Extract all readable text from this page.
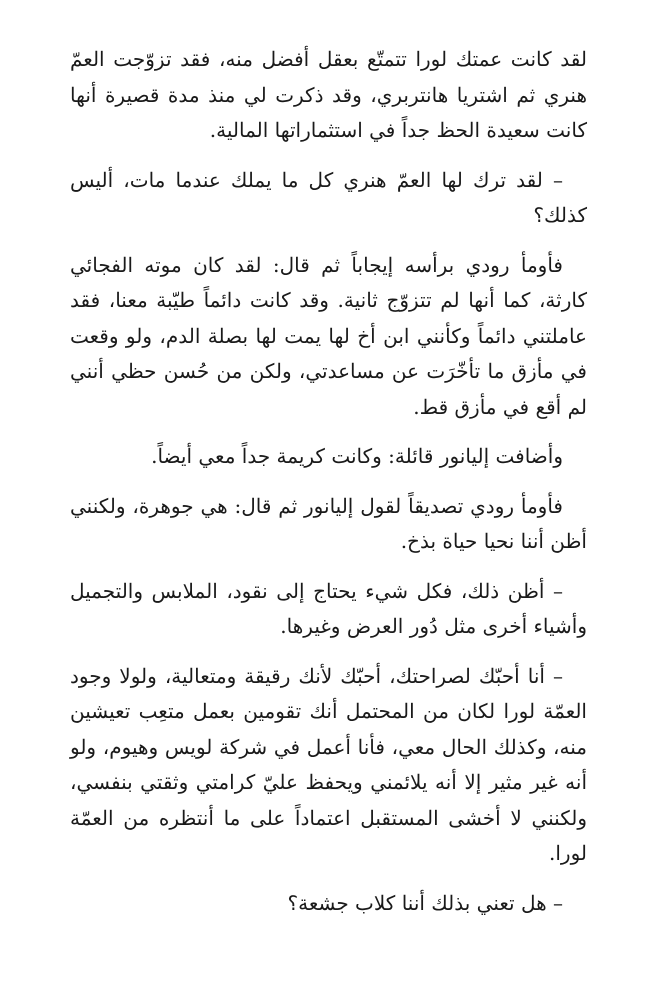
لقد كانت عمتك لورا تتمتّع بعقل أفضل منه، فقد تزوّجت العمّ هنري ثم اشتريا هانتربري، وقد ذكرت لي منذ مدة قصيرة أنها كانت سعيدة الحظ جداً في استثماراتها المالية.

– لقد ترك لها العمّ هنري كل ما يملك عندما مات، أليس كذلك؟

فأومأ رودي برأسه إيجاباً ثم قال: لقد كان موته الفجائي كارثة، كما أنها لم تتزوّج ثانية. وقد كانت دائماً طيّبة معنا، فقد عاملتني دائماً وكأنني ابن أخ لها يمت لها بصلة الدم، ولو وقعت في مأزق ما تأخّرَت عن مساعدتي، ولكن من حُسن حظي أنني لم أقع في مأزق قط.

وأضافت إليانور قائلة: وكانت كريمة جداً معي أيضاً.

فأومأ رودي تصديقاً لقول إليانور ثم قال: هي جوهرة، ولكنني أظن أننا نحيا حياة بذخ.

– أظن ذلك، فكل شيء يحتاج إلى نقود، الملابس والتجميل وأشياء أخرى مثل دُور العرض وغيرها.

– أنا أحبّك لصراحتك، أحبّك لأنك رقيقة ومتعالية، ولولا وجود العمّة لورا لكان من المحتمل أنك تقومين بعمل متعِب تعيشين منه، وكذلك الحال معي، فأنا أعمل في شركة لويس وهيوم، ولو أنه غير مثير إلا أنه يلائمني ويحفظ عليّ كرامتي وثقتي بنفسي، ولكنني لا أخشى المستقبل اعتماداً على ما أنتظره من العمّة لورا.

– هل تعني بذلك أننا كلاب جشعة؟
